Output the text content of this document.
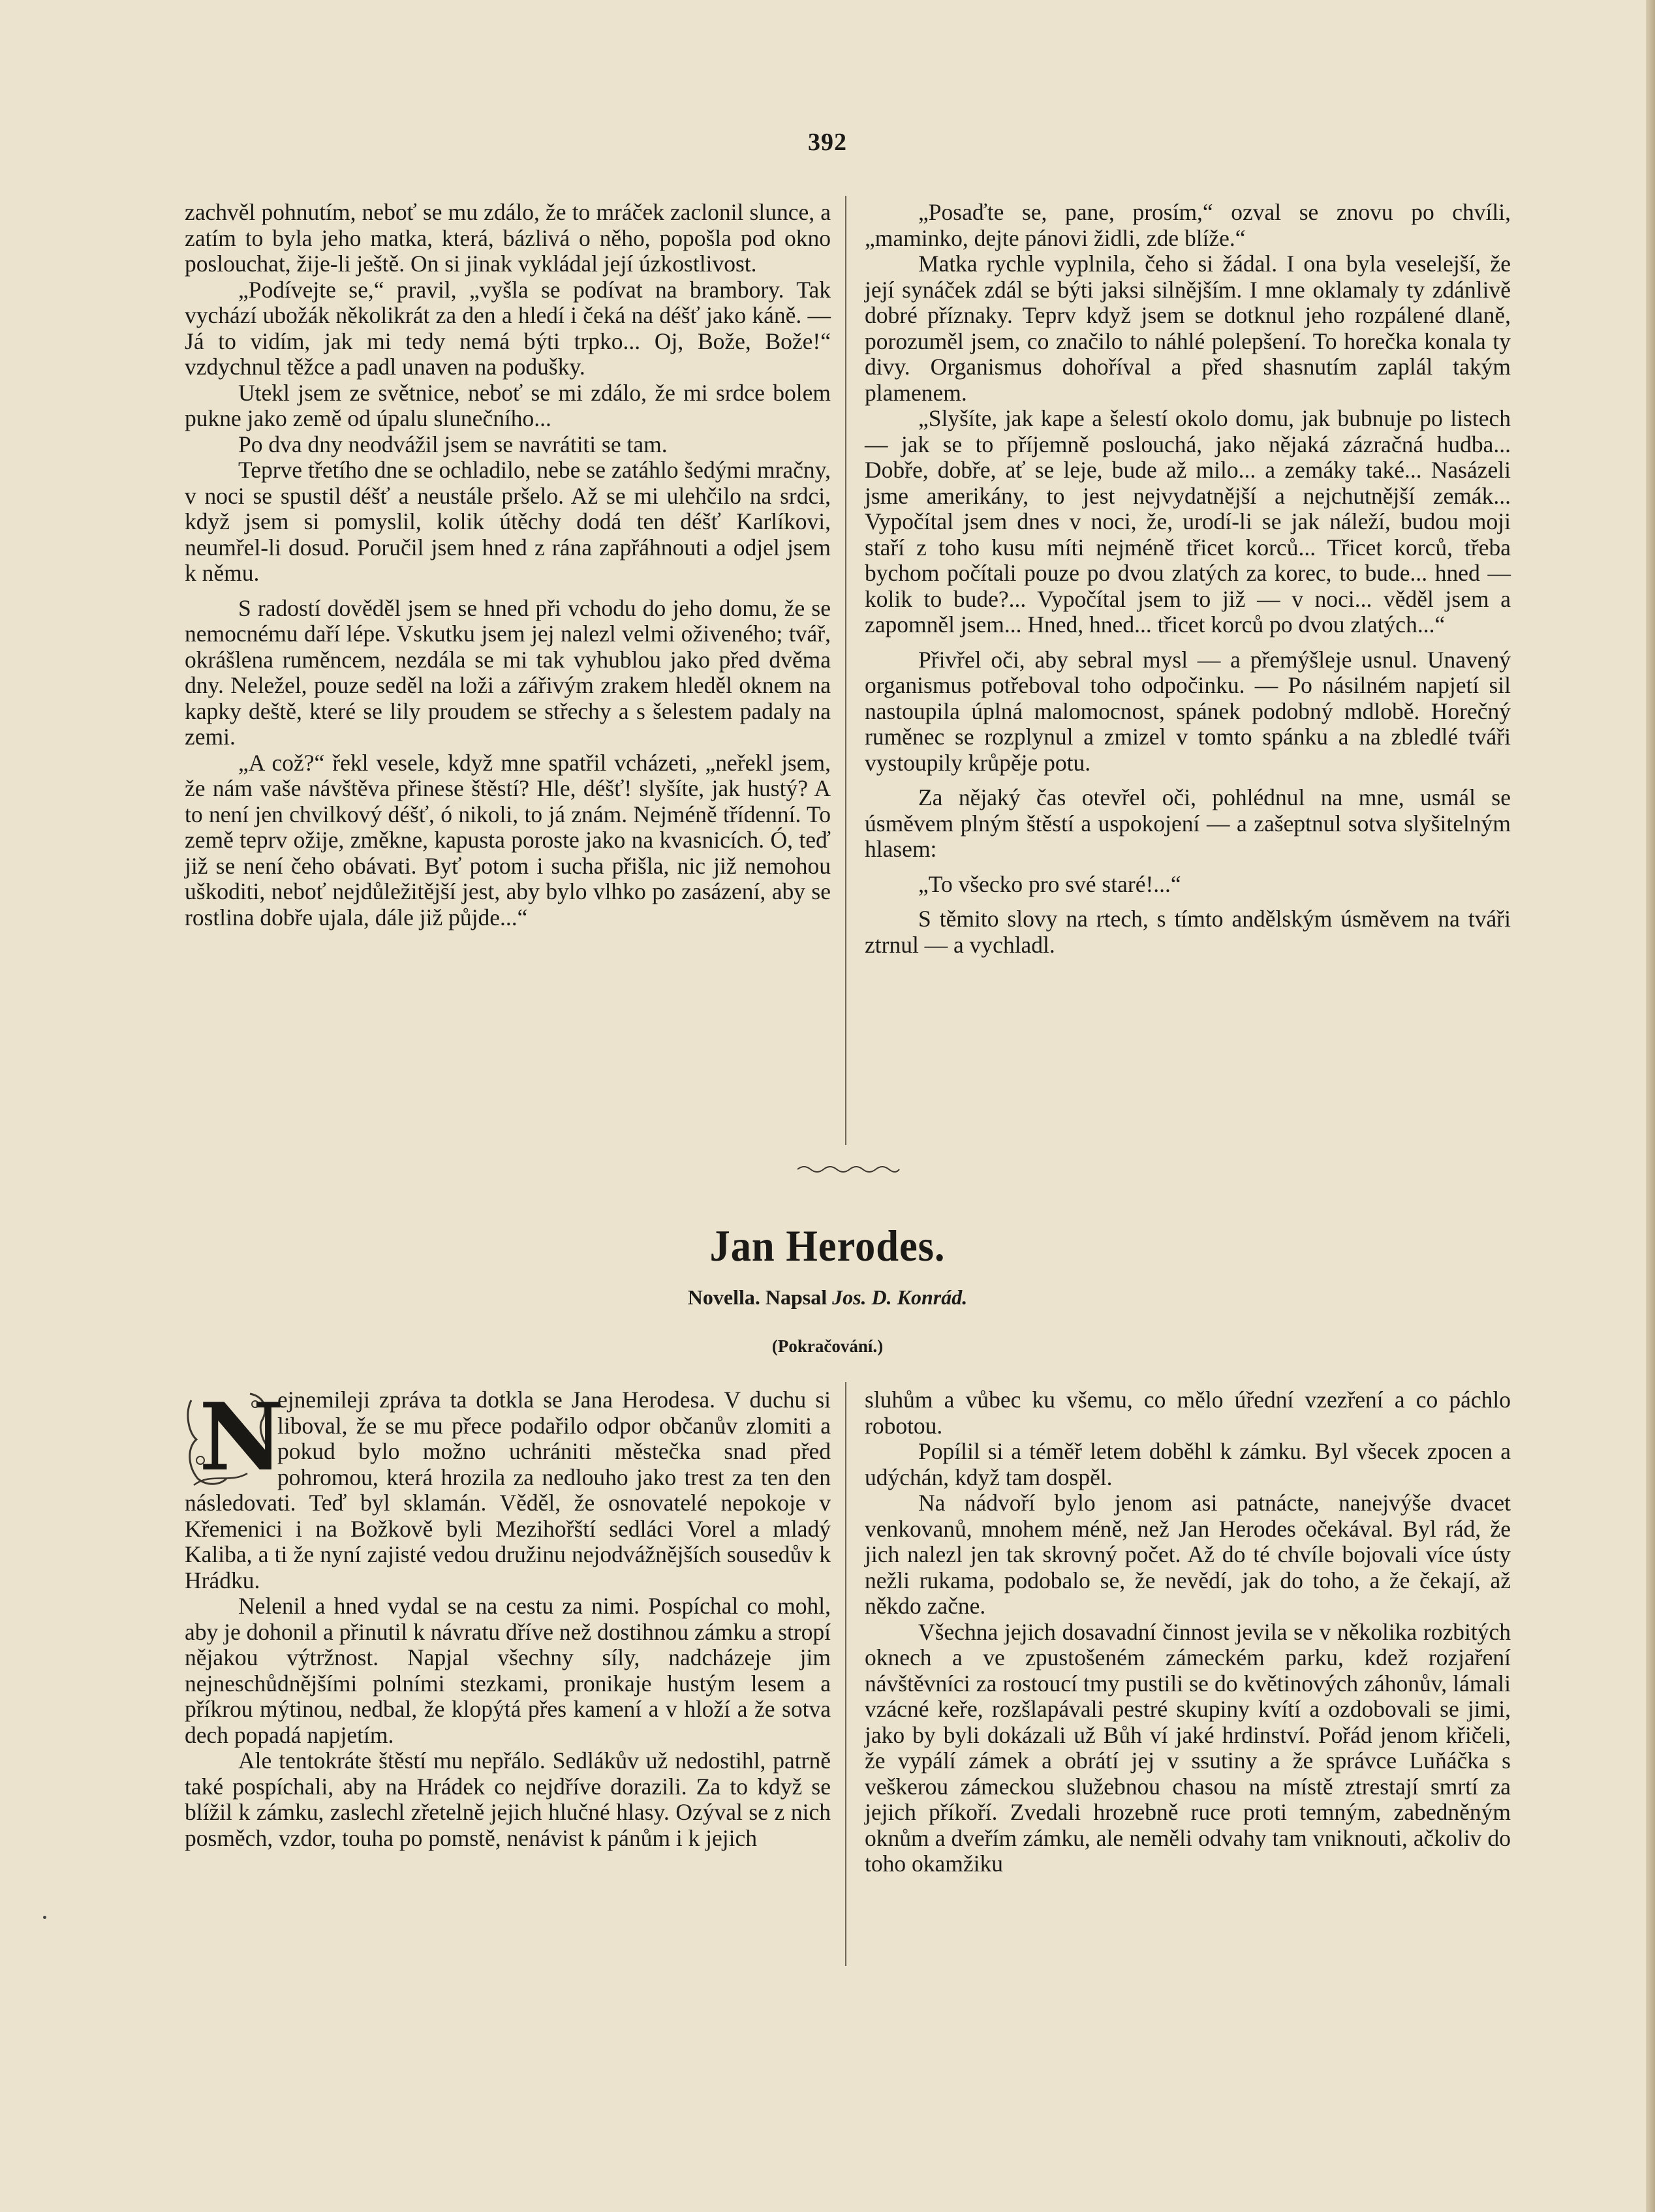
392

zachvěl pohnutím, neboť se mu zdálo, že to mráček zaclonil slunce, a zatím to byla jeho matka, která, bázlivá o něho, popošla pod okno poslouchat, žije-li ještě. On si jinak vykládal její úzkostlivost.

„Podívejte se,“ pravil, „vyšla se podívat na brambory. Tak vychází ubožák několikrát za den a hledí i čeká na déšť jako káně. — Já to vidím, jak mi tedy nemá býti trpko... Oj, Bože, Bože!“ vzdychnul těžce a padl unaven na podušky.

Utekl jsem ze světnice, neboť se mi zdálo, že mi srdce bolem pukne jako země od úpalu slunečního...

Po dva dny neodvážil jsem se navrátiti se tam.

Teprve třetího dne se ochladilo, nebe se zatáhlo šedými mračny, v noci se spustil déšť a neustále pršelo. Až se mi ulehčilo na srdci, když jsem si pomyslil, kolik útěchy dodá ten déšť Karlíkovi, neumřel-li dosud. Poručil jsem hned z rána zapřáhnouti a odjel jsem k němu.

S radostí dověděl jsem se hned při vchodu do jeho domu, že se nemocnému daří lépe. Vskutku jsem jej nalezl velmi oživeného; tvář, okrášlena ruměncem, nezdála se mi tak vyhublou jako před dvěma dny. Neležel, pouze seděl na loži a zářivým zrakem hleděl oknem na kapky deště, které se lily proudem se střechy a s šelestem padaly na zemi.

„A což?“ řekl vesele, když mne spatřil vcházeti, „neřekl jsem, že nám vaše návštěva přinese štěstí? Hle, déšť! slyšíte, jak hustý? A to není jen chvilkový déšť, ó nikoli, to já znám. Nejméně třídenní. To země teprv ožije, změkne, kapusta poroste jako na kvasnicích. Ó, teď již se není čeho obávati. Byť potom i sucha přišla, nic již nemohou uškoditi, neboť nejdůležitější jest, aby bylo vlhko po zasázení, aby se rostlina dobře ujala, dále již půjde...“

„Posaďte se, pane, prosím,“ ozval se znovu po chvíli, „maminko, dejte pánovi židli, zde blíže.“

Matka rychle vyplnila, čeho si žádal. I ona byla veselejší, že její synáček zdál se býti jaksi silnějším. I mne oklamaly ty zdánlivě dobré příznaky. Teprv když jsem se dotknul jeho rozpálené dlaně, porozuměl jsem, co značilo to náhlé polepšení. To horečka konala ty divy. Organismus dohoříval a před shasnutím zaplál takým plamenem.

„Slyšíte, jak kape a šelestí okolo domu, jak bubnuje po listech — jak se to příjemně poslouchá, jako nějaká zázračná hudba... Dobře, dobře, ať se leje, bude až milo... a zemáky také... Nasázeli jsme amerikány, to jest nejvydatnější a nejchutnější zemák... Vypočítal jsem dnes v noci, že, urodí-li se jak náleží, budou moji staří z toho kusu míti nejméně třicet korců... Třicet korců, třeba bychom počítali pouze po dvou zlatých za korec, to bude... hned — kolik to bude?... Vypočítal jsem to již — v noci... věděl jsem a zapomněl jsem... Hned, hned... třicet korců po dvou zlatých...“

Přivřel oči, aby sebral mysl — a přemýšleje usnul. Unavený organismus potřeboval toho odpočinku. — Po násilném napjetí sil nastoupila úplná malomocnost, spánek podobný mdlobě. Horečný ruměnec se rozplynul a zmizel v tomto spánku a na zbledlé tváři vystoupily krůpěje potu.

Za nějaký čas otevřel oči, pohlédnul na mne, usmál se úsměvem plným štěstí a uspokojení — a zašeptnul sotva slyšitelným hlasem:

„To všecko pro své staré!...“

S těmito slovy na rtech, s tímto andělským úsměvem na tváři ztrnul — a vychladl.

Jan Herodes.
Novella. Napsal Jos. D. Konrád.
(Pokračování.)
N

ejnemileji zpráva ta dotkla se Jana Herodesa. V duchu si liboval, že se mu přece podařilo odpor občanův zlomiti a pokud bylo možno uchrániti městečka snad před pohromou, která hrozila za nedlouho jako trest za ten den následovati. Teď byl sklamán. Věděl, že osnovatelé nepokoje v Křemenici i na Božkově byli Mezihořští sedláci Vorel a mladý Kaliba, a ti že nyní zajisté vedou družinu nejodvážnějších sousedův k Hrádku.

Nelenil a hned vydal se na cestu za nimi. Pospíchal co mohl, aby je dohonil a přinutil k návratu dříve než dostihnou zámku a stropí nějakou výtržnost. Napjal všechny síly, nadcházeje jim nejneschůdnějšími polními stezkami, pronikaje hustým lesem a příkrou mýtinou, nedbal, že klopýtá přes kamení a v hloží a že sotva dech popadá napjetím.

Ale tentokráte štěstí mu nepřálo. Sedlákův už nedostihl, patrně také pospíchali, aby na Hrádek co nejdříve dorazili. Za to když se blížil k zámku, zaslechl zřetelně jejich hlučné hlasy. Ozýval se z nich posměch, vzdor, touha po pomstě, nenávist k pánům i k jejich

sluhům a vůbec ku všemu, co mělo úřední vzezření a co páchlo robotou.

Popílil si a téměř letem doběhl k zámku. Byl všecek zpocen a udýchán, když tam dospěl.

Na nádvoří bylo jenom asi patnácte, nanejvýše dvacet venkovanů, mnohem méně, než Jan Herodes očekával. Byl rád, že jich nalezl jen tak skrovný počet. Až do té chvíle bojovali více ústy nežli rukama, podobalo se, že nevědí, jak do toho, a že čekají, až někdo začne.

Všechna jejich dosavadní činnost jevila se v několika rozbitých oknech a ve zpustošeném zámeckém parku, kdež rozjaření návštěvníci za rostoucí tmy pustili se do květinových záhonův, lámali vzácné keře, rozšlapávali pestré skupiny kvítí a ozdobovali se jimi, jako by byli dokázali už Bůh ví jaké hrdinství. Pořád jenom křičeli, že vypálí zámek a obrátí jej v ssutiny a že správce Luňáčka s veškerou zámeckou služebnou chasou na místě ztrestají smrtí za jejich příkoří. Zvedali hrozebně ruce proti temným, zabedněným oknům a dveřím zámku, ale neměli odvahy tam vniknouti, ačkoliv do toho okamžiku
